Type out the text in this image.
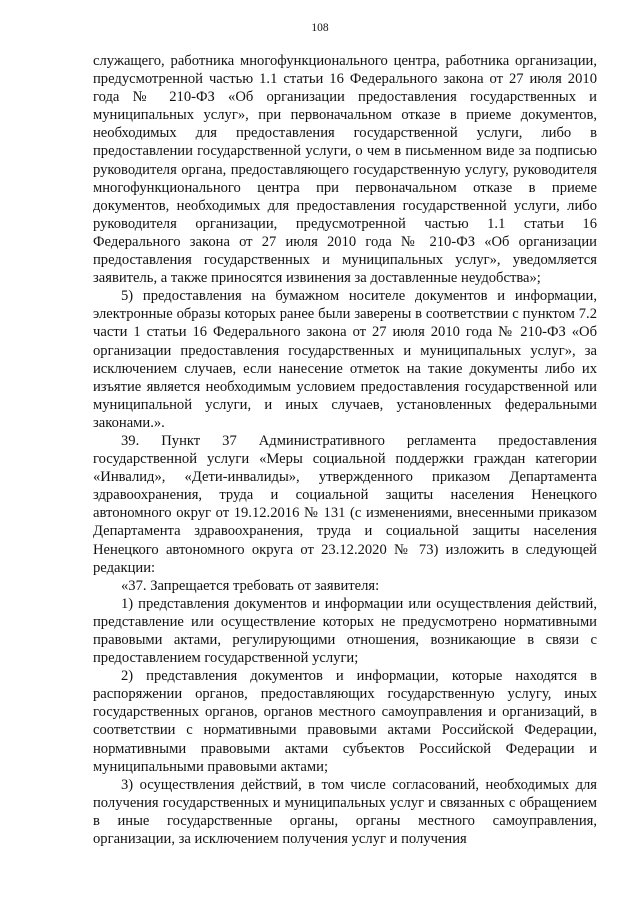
108

служащего, работника многофункционального центра, работника организации, предусмотренной частью 1.1 статьи 16 Федерального закона от 27 июля 2010 года № 210-ФЗ «Об организации предоставления государственных и муниципальных услуг», при первоначальном отказе в приеме документов, необходимых для предоставления государственной услуги, либо в предоставлении государственной услуги, о чем в письменном виде за подписью руководителя органа, предоставляющего государственную услугу, руководителя многофункционального центра при первоначальном отказе в приеме документов, необходимых для предоставления государственной услуги, либо руководителя организации, предусмотренной частью 1.1 статьи 16 Федерального закона от 27 июля 2010 года № 210-ФЗ «Об организации предоставления государственных и муниципальных услуг», уведомляется заявитель, а также приносятся извинения за доставленные неудобства»;

5) предоставления на бумажном носителе документов и информации, электронные образы которых ранее были заверены в соответствии с пунктом 7.2 части 1 статьи 16 Федерального закона от 27 июля 2010 года № 210-ФЗ «Об организации предоставления государственных и муниципальных услуг», за исключением случаев, если нанесение отметок на такие документы либо их изъятие является необходимым условием предоставления государственной или муниципальной услуги, и иных случаев, установленных федеральными законами.».

39. Пункт 37 Административного регламента предоставления государственной услуги «Меры социальной поддержки граждан категории «Инвалид», «Дети-инвалиды», утвержденного приказом Департамента здравоохранения, труда и социальной защиты населения Ненецкого автономного округ от 19.12.2016 № 131 (с изменениями, внесенными приказом Департамента здравоохранения, труда и социальной защиты населения Ненецкого автономного округа от 23.12.2020 № 73) изложить в следующей редакции:

«37. Запрещается требовать от заявителя:

1) представления документов и информации или осуществления действий, представление или осуществление которых не предусмотрено нормативными правовыми актами, регулирующими отношения, возникающие в связи с предоставлением государственной услуги;

2) представления документов и информации, которые находятся в распоряжении органов, предоставляющих государственную услугу, иных государственных органов, органов местного самоуправления и организаций, в соответствии с нормативными правовыми актами Российской Федерации, нормативными правовыми актами субъектов Российской Федерации и муниципальными правовыми актами;

3) осуществления действий, в том числе согласований, необходимых для получения государственных и муниципальных услуг и связанных с обращением в иные государственные органы, органы местного самоуправления, организации, за исключением получения услуг и получения
